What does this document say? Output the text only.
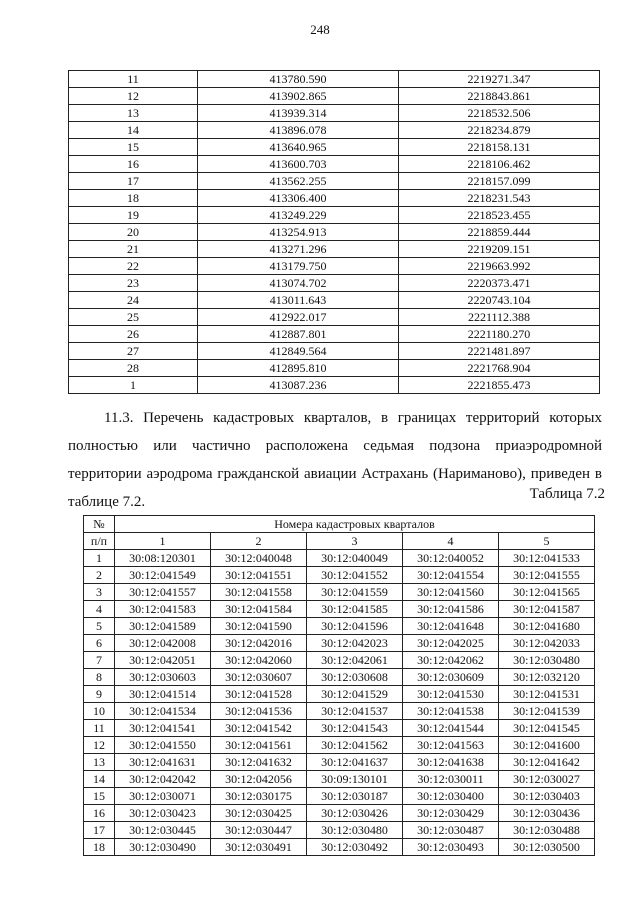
248
11	413780.590	2219271.347
12	413902.865	2218843.861
13	413939.314	2218532.506
14	413896.078	2218234.879
15	413640.965	2218158.131
16	413600.703	2218106.462
17	413562.255	2218157.099
18	413306.400	2218231.543
19	413249.229	2218523.455
20	413254.913	2218859.444
21	413271.296	2219209.151
22	413179.750	2219663.992
23	413074.702	2220373.471
24	413011.643	2220743.104
25	412922.017	2221112.388
26	412887.801	2221180.270
27	412849.564	2221481.897
28	412895.810	2221768.904
1	413087.236	2221855.473
11.3. Перечень кадастровых кварталов, в границах территорий которых полностью или частично расположена седьмая подзона приаэродромной территории аэродрома гражданской авиации Астрахань (Нариманово), приведен в таблице 7.2.	Таблица 7.2
№	Номера кадастровых кварталов				
п/п	1	2	3	4	5
1	30:08:120301	30:12:040048	30:12:040049	30:12:040052	30:12:041533
2	30:12:041549	30:12:041551	30:12:041552	30:12:041554	30:12:041555
3	30:12:041557	30:12:041558	30:12:041559	30:12:041560	30:12:041565
4	30:12:041583	30:12:041584	30:12:041585	30:12:041586	30:12:041587
5	30:12:041589	30:12:041590	30:12:041596	30:12:041648	30:12:041680
6	30:12:042008	30:12:042016	30:12:042023	30:12:042025	30:12:042033
7	30:12:042051	30:12:042060	30:12:042061	30:12:042062	30:12:030480
8	30:12:030603	30:12:030607	30:12:030608	30:12:030609	30:12:032120
9	30:12:041514	30:12:041528	30:12:041529	30:12:041530	30:12:041531
10	30:12:041534	30:12:041536	30:12:041537	30:12:041538	30:12:041539
11	30:12:041541	30:12:041542	30:12:041543	30:12:041544	30:12:041545
12	30:12:041550	30:12:041561	30:12:041562	30:12:041563	30:12:041600
13	30:12:041631	30:12:041632	30:12:041637	30:12:041638	30:12:041642
14	30:12:042042	30:12:042056	30:09:130101	30:12:030011	30:12:030027
15	30:12:030071	30:12:030175	30:12:030187	30:12:030400	30:12:030403
16	30:12:030423	30:12:030425	30:12:030426	30:12:030429	30:12:030436
17	30:12:030445	30:12:030447	30:12:030480	30:12:030487	30:12:030488
18	30:12:030490	30:12:030491	30:12:030492	30:12:030493	30:12:030500
